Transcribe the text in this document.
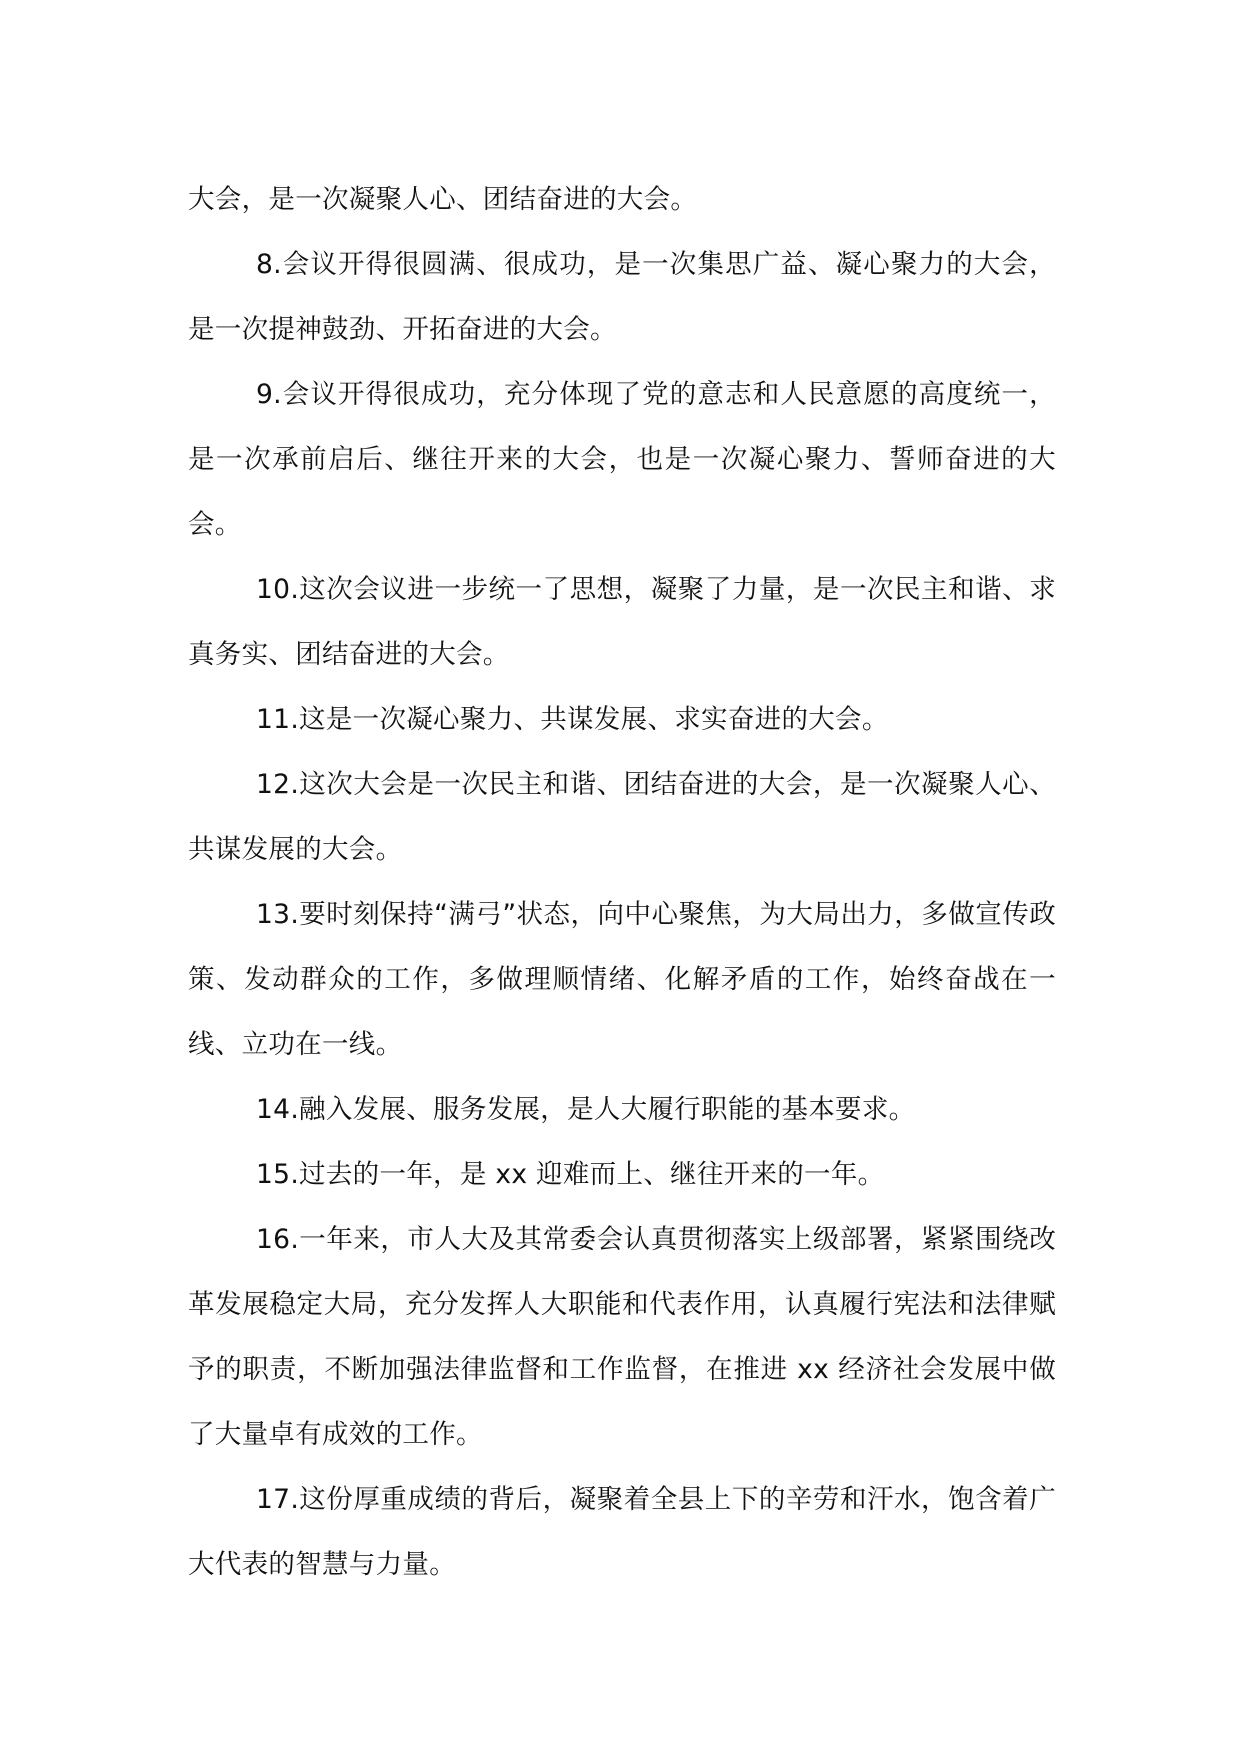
大会，是一次凝聚人心、团结奋进的大会。

8.会议开得很圆满、很成功，是一次集思广益、凝心聚力的大会，是一次提神鼓劲、开拓奋进的大会。

9.会议开得很成功，充分体现了党的意志和人民意愿的高度统一，是一次承前启后、继往开来的大会，也是一次凝心聚力、誓师奋进的大会。

10.这次会议进一步统一了思想，凝聚了力量，是一次民主和谐、求真务实、团结奋进的大会。

11.这是一次凝心聚力、共谋发展、求实奋进的大会。

12.这次大会是一次民主和谐、团结奋进的大会，是一次凝聚人心、共谋发展的大会。

13.要时刻保持“满弓”状态，向中心聚焦，为大局出力，多做宣传政策、发动群众的工作，多做理顺情绪、化解矛盾的工作，始终奋战在一线、立功在一线。

14.融入发展、服务发展，是人大履行职能的基本要求。

15.过去的一年，是 xx 迎难而上、继往开来的一年。

16.一年来，市人大及其常委会认真贯彻落实上级部署，紧紧围绕改革发展稳定大局，充分发挥人大职能和代表作用，认真履行宪法和法律赋予的职责，不断加强法律监督和工作监督，在推进 xx 经济社会发展中做了大量卓有成效的工作。

17.这份厚重成绩的背后，凝聚着全县上下的辛劳和汗水，饱含着广大代表的智慧与力量。
